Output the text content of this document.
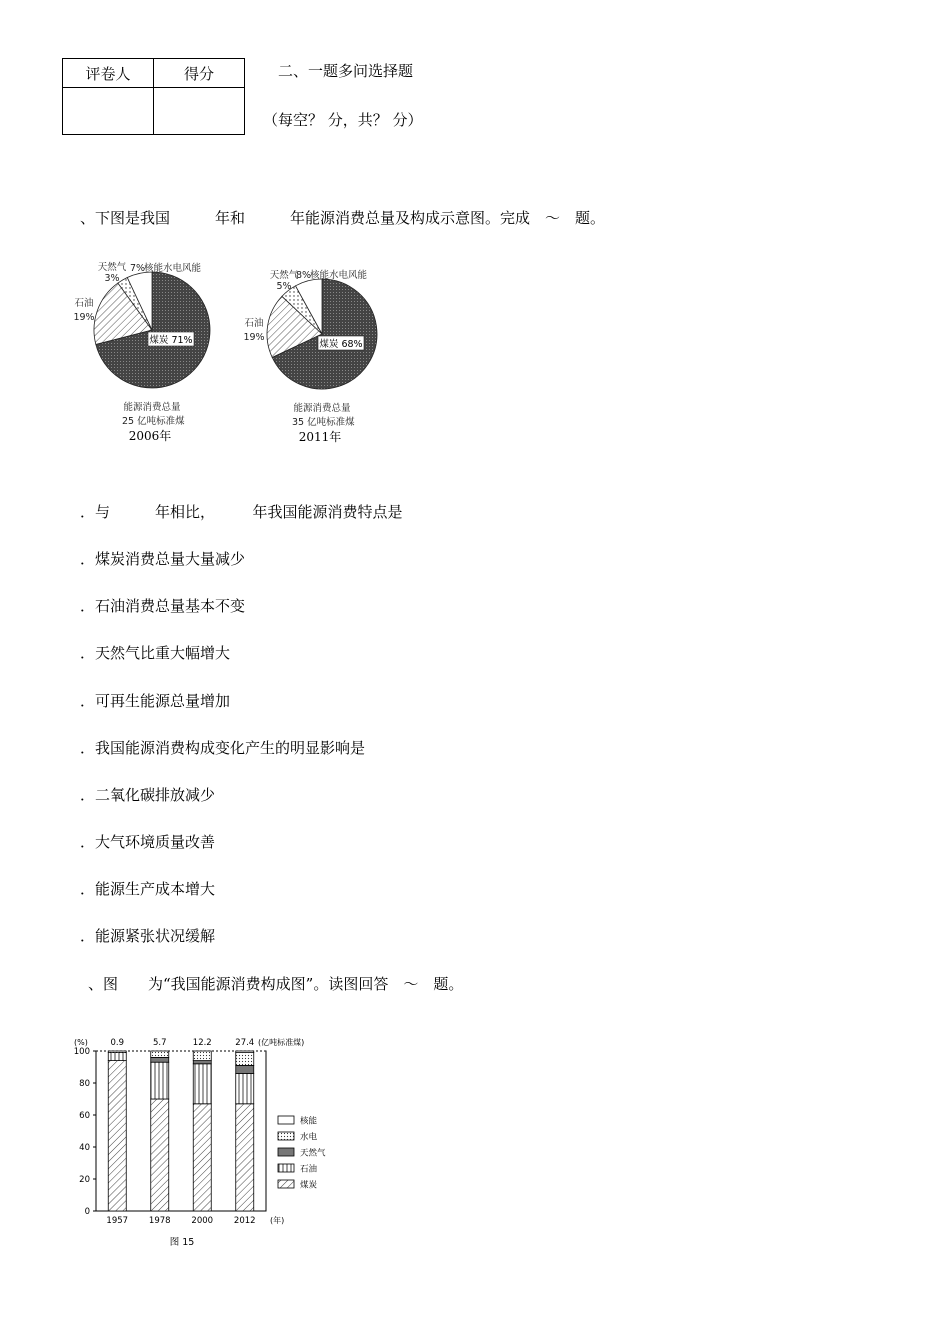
评卷人	得分
		二、一题多问选择题
（每空？ 分，共？ 分）
、下图是我国　　　年和　　　年能源消费总量及构成示意图。完成　～　题。
煤炭 71%
石油
19%
天然气
3%
7%
核能水电风能
能源消费总量
25 亿吨标准煤
2006年
煤炭 68%
石油
19%
天然气
5%
8%
核能水电风能
能源消费总量
35 亿吨标准煤
2011年
．与　　　年相比，　　　年我国能源消费特点是
．煤炭消费总量大量减少
．石油消费总量基本不变
．天然气比重大幅增大
．可再生能源总量增加
．我国能源消费构成变化产生的明显影响是
．二氧化碳排放减少
．大气环境质量改善
．能源生产成本增大
．能源紧张状况缓解
、图　　为“我国能源消费构成图”。读图回答　～　题。
0
20
40
60
80
100
(%)	(亿吨标准煤)
0.9
1957
5.7
1978
12.2
2000
27.4
2012 (年)
核能
水电
天然气
石油
煤炭
图 15
